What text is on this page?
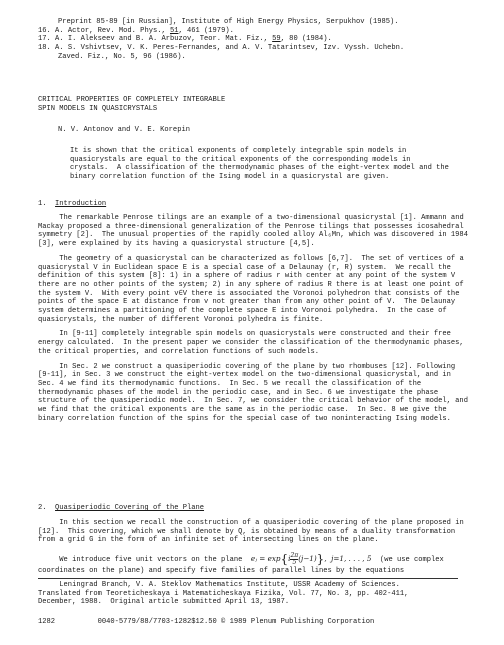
Preprint 85-89 [in Russian], Institute of High Energy Physics, Serpukhov (1985).

16. A. Actor, Rev. Mod. Phys., 51, 461 (1979).

17. A. I. Alekseev and B. A. Arbuzov, Teor. Mat. Fiz., 59, 80 (1984).

18. A. S. Vshivtsev, V. K. Peres-Fernandes, and A. V. Tatarintsev, Izv. Vyssh. Uchebn.

Zaved. Fiz., No. 5, 96 (1986).

CRITICAL PROPERTIES OF COMPLETELY INTEGRABLE

SPIN MODELS IN QUASICRYSTALS

N. V. Antonov and V. E. Korepin

It is shown that the critical exponents of completely integrable spin models in quasicrystals are equal to the critical exponents of the corresponding models in crystals.  A classification of the thermodynamic phases of the eight-vertex model and the binary correlation function of the Ising model in a quasicrystal are given.

1. Introduction

The remarkable Penrose tilings are an example of a two-dimensional quasicrystal [1]. Ammann and Mackay proposed a three-dimensional generalization of the Penrose tilings that possesses icosahedral symmetry [2].  The unusual properties of the rapidly cooled alloy Al₆Mn, which was discovered in 1984 [3], were explained by its having a quasicrystal structure [4,5].

The geometry of a quasicrystal can be characterized as follows [6,7].  The set of vertices of a quasicrystal V in Euclidean space E is a special case of a Delaunay (r, R) system.  We recall the definition of this system [8]: 1) in a sphere of radius r with center at any point of the system V there are no other points of the system; 2) in any sphere of radius R there is at least one point of the system V.  With every point v∈V there is associated the Voronoi polyhedron that consists of the points of the space E at distance from v not greater than from any other point of V.  The Delaunay system determines a partitioning of the complete space E into Voronoi polyhedra.  In the case of quasicrystals, the number of different Voronoi polyhedra is finite.

In [9-11] completely integrable spin models on quasicrystals were constructed and their free energy calculated.  In the present paper we consider the classification of the thermodynamic phases, the critical properties, and correlation functions of such models.

In Sec. 2 we construct a quasiperiodic covering of the plane by two rhombuses [12]. Following [9-11], in Sec. 3 we construct the eight-vertex model on the two-dimensional quasicrystal, and in Sec. 4 we find its thermodynamic functions.  In Sec. 5 we recall the classification of the thermodynamic phases of the model in the periodic case, and in Sec. 6 we investigate the phase structure of the quasiperiodic model.  In Sec. 7, we consider the critical behavior of the model, and we find that the critical exponents are the same as in the periodic case.  In Sec. 8 we give the binary correlation function of the spins for the special case of two noninteracting Ising models.

2. Quasiperiodic Covering of the Plane

In this section we recall the construction of a quasiperiodic covering of the plane proposed in [12].  This covering, which we shall denote by Q, is obtained by means of a duality transformation from a grid G in the form of an infinite set of intersecting lines on the plane.

We introduce five unit vectors on the plane  eⱼ = $\exp\{i \frac{2\pi}{5} (j-1)\}$,  j=1, . . . , 5  (we use complex

coordinates on the plane) and specify five families of parallel lines by the equations

Leningrad Branch, V. A. Steklov Mathematics Institute, USSR Academy of Sciences.

Translated from Teoreticheskaya i Matematicheskaya Fizika, Vol. 77, No. 3, pp. 402-411,

December, 1988.  Original article submitted April 13, 1987.

1282	0040-5779/88/7703-1282$12.50 © 1989 Plenum Publishing Corporation
